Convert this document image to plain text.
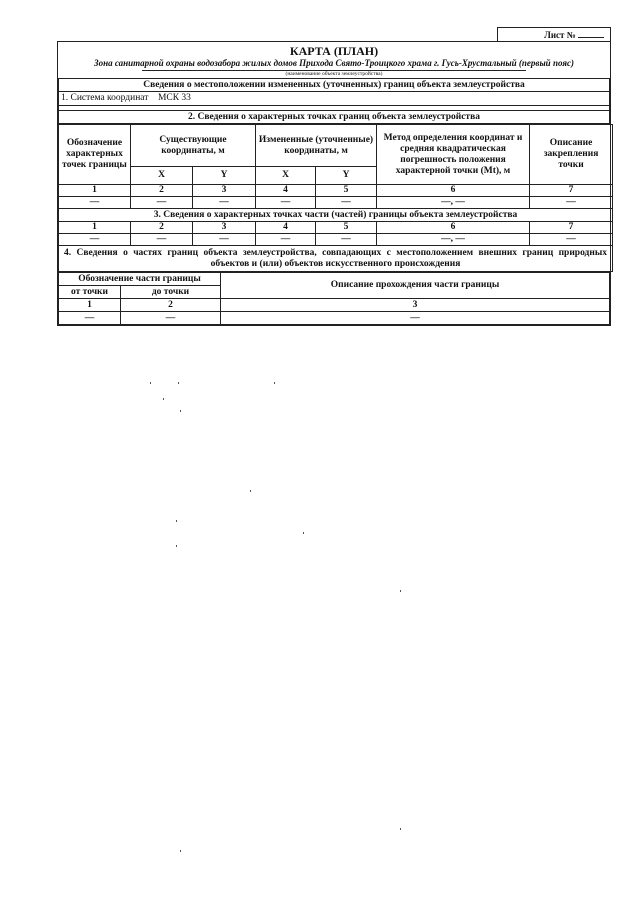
Лист №
КАРТА (ПЛАН)
Зона санитарной охраны водозабора жилых домов Прихода Свято-Троицкого храма г. Гусь-Хрустальный (первый пояс)
(наименование объекта землеустройства)
Сведения о местоположении измененных (уточненных) границ объекта землеустройства
1. Система координат МСК 33

2. Сведения о характерных точках границ объекта землеустройства
Обозначение характерных точек границы	Существующие координаты, м		Измененные (уточненные) координаты, м		Метод определения координат и средняя квадратическая погрешность положения характерной точки (Mt), м	Описание закрепления точки
	X	Y	X	Y		
1	2	3	4	5	6	7
—	—	—	—	—	—, —	—
3. Сведения о характерных точках части (частей) границы объекта землеустройства						
1	2	3	4	5	6	7
—	—	—	—	—	—, —	—
4. Сведения о частях границ объекта землеустройства, совпадающих с местоположением внешних границ природных объектов и (или) объектов искусственного происхождения						
Обозначение части границы		Описание прохождения части границы
от точки	до точки	
1	2	3
—	—	—
